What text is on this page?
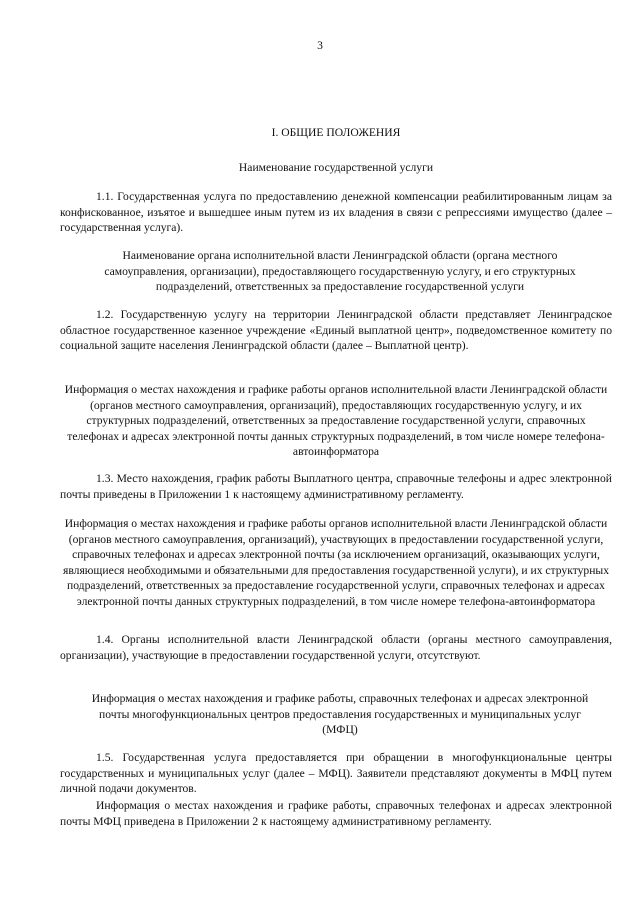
3

I. ОБЩИЕ ПОЛОЖЕНИЯ

Наименование государственной услуги

1.1. Государственная услуга по предоставлению денежной компенсации реабилитированным лицам за конфискованное, изъятое и вышедшее иным путем из их владения в связи с репрессиями имущество (далее – государственная услуга).

Наименование органа исполнительной власти Ленинградской области (органа местного самоуправления, организации), предоставляющего государственную услугу, и его структурных подразделений, ответственных за предоставление государственной услуги

1.2. Государственную услугу на территории Ленинградской области представляет Ленинградское областное государственное казенное учреждение «Единый выплатной центр», подведомственное комитету по социальной защите населения Ленинградской области (далее – Выплатной центр).

Информация о местах нахождения и графике работы органов исполнительной власти Ленинградской области (органов местного самоуправления, организаций), предоставляющих государственную услугу, и их структурных подразделений, ответственных за предоставление государственной услуги, справочных телефонах и адресах электронной почты данных структурных подразделений, в том числе номере телефона-автоинформатора

1.3. Место нахождения, график работы Выплатного центра, справочные телефоны и адрес электронной почты приведены в Приложении 1 к настоящему административному регламенту.

Информация о местах нахождения и графике работы органов исполнительной власти Ленинградской области (органов местного самоуправления, организаций), участвующих в предоставлении государственной услуги, справочных телефонах и адресах электронной почты (за исключением организаций, оказывающих услуги, являющиеся необходимыми и обязательными для предоставления государственной услуги), и их структурных подразделений, ответственных за предоставление государственной услуги, справочных телефонах и адресах электронной почты данных структурных подразделений, в том числе номере телефона-автоинформатора

1.4. Органы исполнительной власти Ленинградской области (органы местного самоуправления, организации), участвующие в предоставлении государственной услуги, отсутствуют.

Информация о местах нахождения и графике работы, справочных телефонах и адресах электронной почты многофункциональных центров предоставления государственных и муниципальных услуг (МФЦ)

1.5. Государственная услуга предоставляется при обращении в многофункциональные центры государственных и муниципальных услуг (далее – МФЦ). Заявители представляют документы в МФЦ путем личной подачи документов.

Информация о местах нахождения и графике работы, справочных телефонах и адресах электронной почты МФЦ приведена в Приложении 2 к настоящему административному регламенту.
